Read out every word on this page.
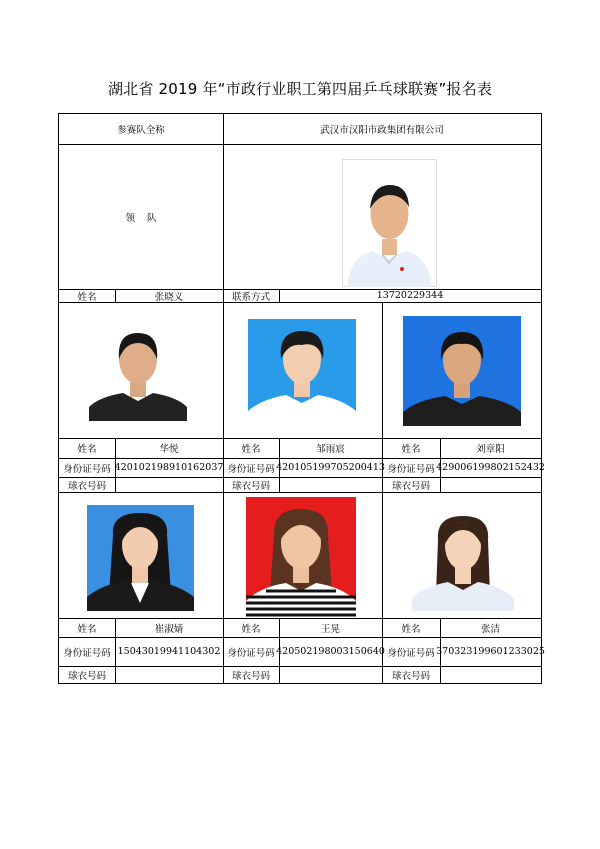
湖北省 2019 年“市政行业职工第四届乒乓球联赛”报名表
参赛队全称	武汉市汉阳市政集团有限公司
领    队
姓名	张晓义	联系方式	13720229344
姓名	华悦	姓名	邹雨宸	姓名	刘章阳
身份证号码 420102198910162037 身份证号码 420105199705200413 身份证号码 429006199802152432
球衣号码	球衣号码	球衣号码
姓名	崔淑婧	姓名	王晃	姓名	张洁
身份证号码 15043019941104302 身份证号码 420502198003150640 身份证号码 370323199601233025
球衣号码	球衣号码	球衣号码
